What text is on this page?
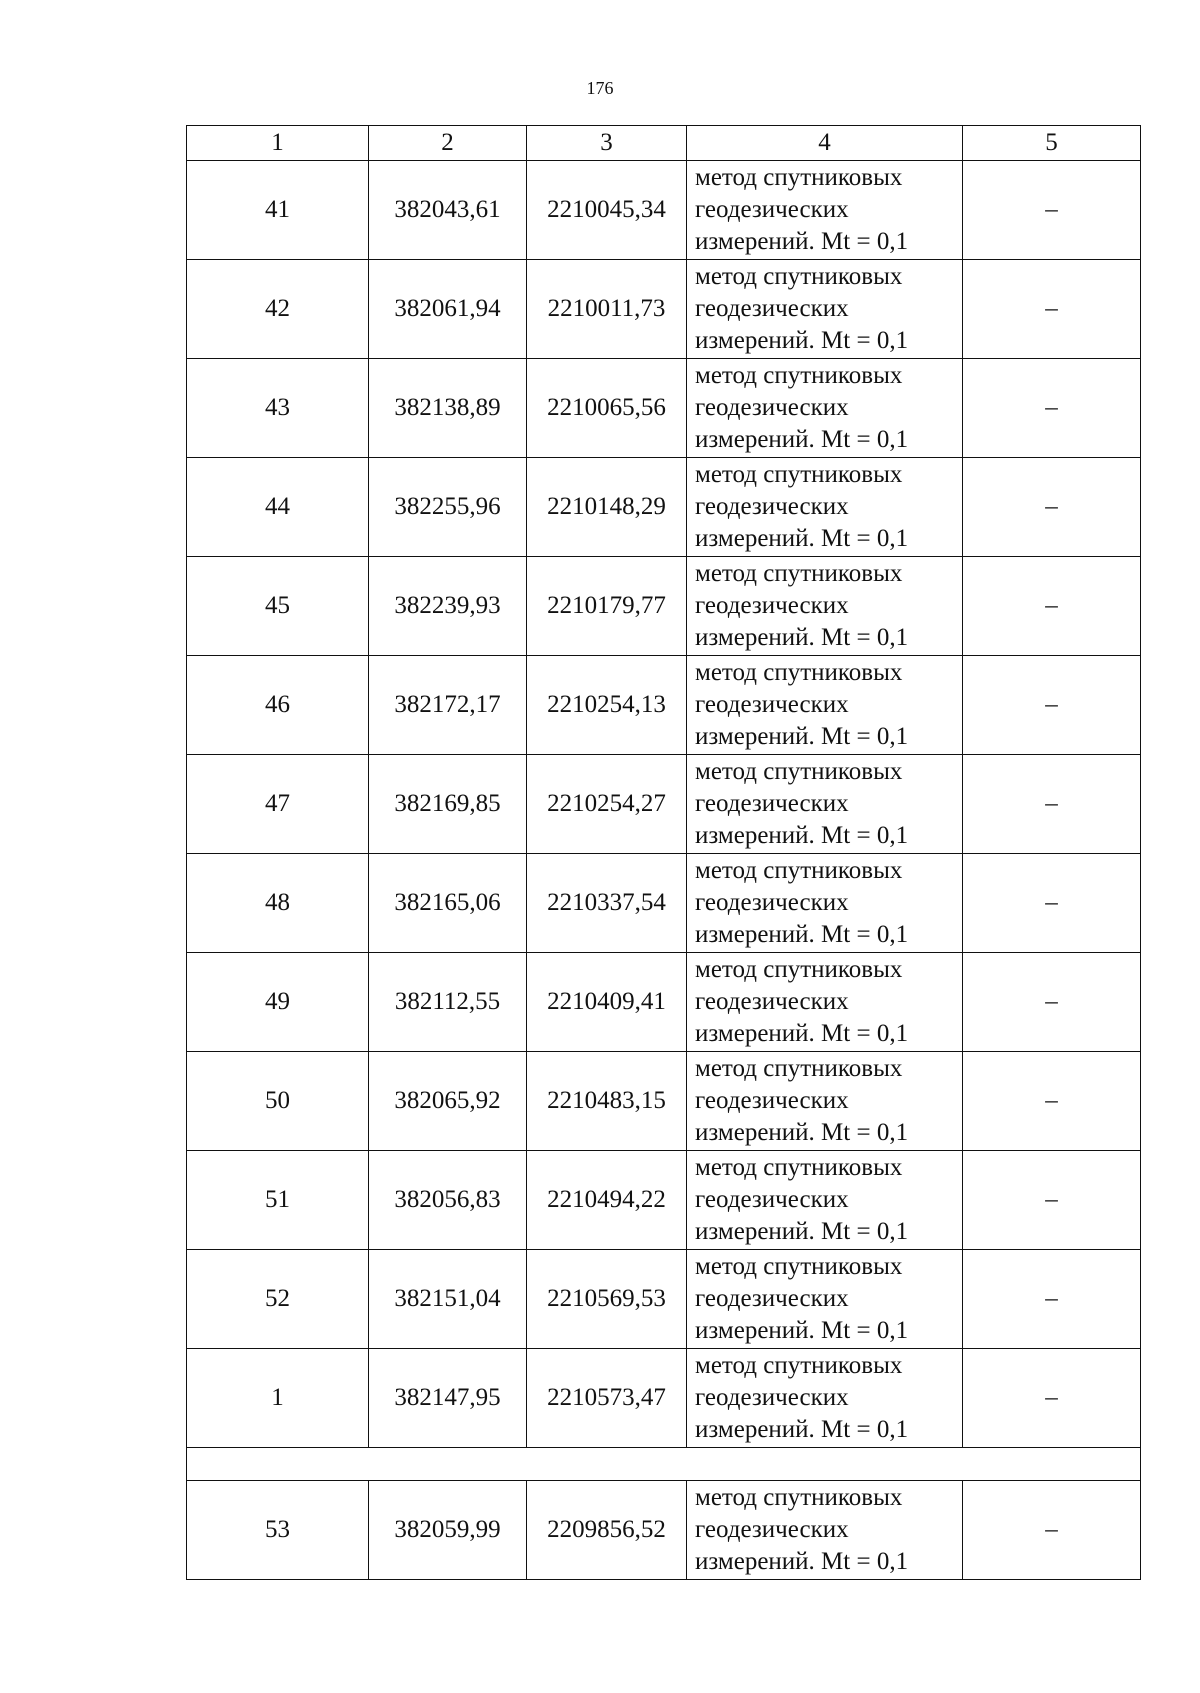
176
1	2	3	4	5
41	382043,61	2210045,34	метод спутниковых
геодезических
измерений. Mt = 0,1	–
42	382061,94	2210011,73	метод спутниковых
геодезических
измерений. Mt = 0,1	–
43	382138,89	2210065,56	метод спутниковых
геодезических
измерений. Mt = 0,1	–
44	382255,96	2210148,29	метод спутниковых
геодезических
измерений. Mt = 0,1	–
45	382239,93	2210179,77	метод спутниковых
геодезических
измерений. Mt = 0,1	–
46	382172,17	2210254,13	метод спутниковых
геодезических
измерений. Mt = 0,1	–
47	382169,85	2210254,27	метод спутниковых
геодезических
измерений. Mt = 0,1	–
48	382165,06	2210337,54	метод спутниковых
геодезических
измерений. Mt = 0,1	–
49	382112,55	2210409,41	метод спутниковых
геодезических
измерений. Mt = 0,1	–
50	382065,92	2210483,15	метод спутниковых
геодезических
измерений. Mt = 0,1	–
51	382056,83	2210494,22	метод спутниковых
геодезических
измерений. Mt = 0,1	–
52	382151,04	2210569,53	метод спутниковых
геодезических
измерений. Mt = 0,1	–
1	382147,95	2210573,47	метод спутниковых
геодезических
измерений. Mt = 0,1	–

53	382059,99	2209856,52	метод спутниковых
геодезических
измерений. Mt = 0,1	–
